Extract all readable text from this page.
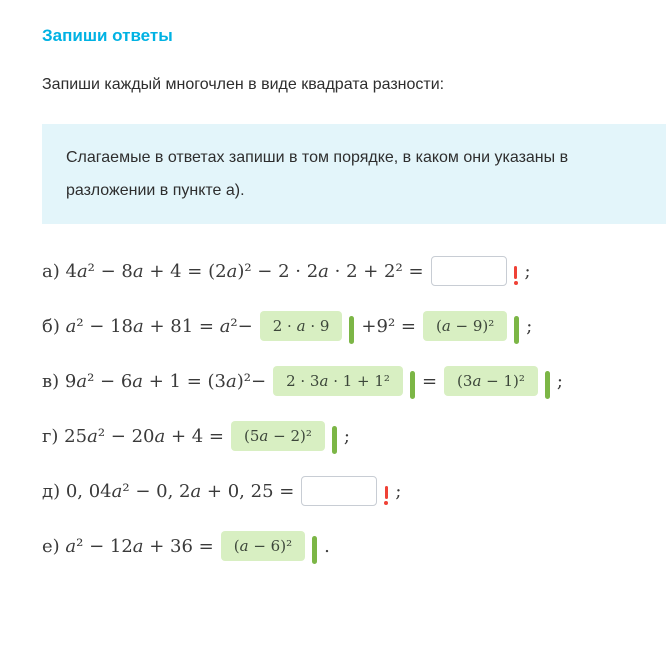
Запиши ответы
Запиши каждый многочлен в виде квадрата разности:
Слагаемые в ответах запиши в том порядке, в каком они указаны в разложении в пункте а).
а) 4a² − 8a + 4 = (2a)² − 2 · 2a · 2 + 2² =	;
б) a² − 18a + 81 = a²−	2 · a · 9	+9² =	(a − 9)²	;
в) 9a² − 6a + 1 = (3a)²−	2 · 3a · 1 + 1²	=	(3a − 1)²	;
г) 25a² − 20a + 4 =	(5a − 2)²	;
д) 0, 04a² − 0, 2a + 0, 25 =	;
е) a² − 12a + 36 =	(a − 6)²	.
